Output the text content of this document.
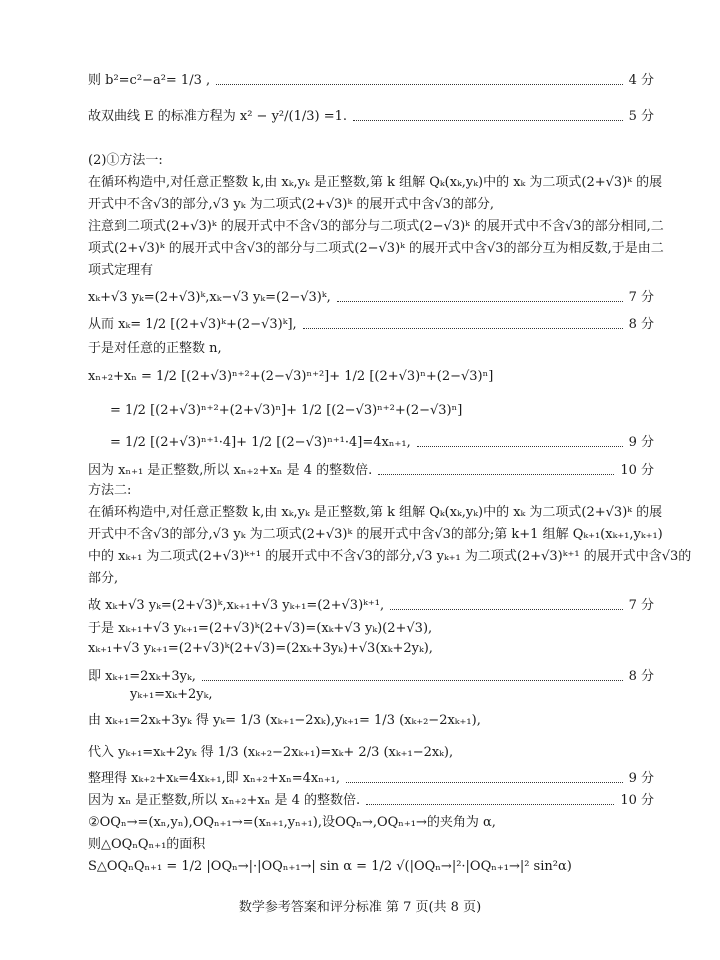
则 b²=c²−a²= 1/3 ,	4 分
故双曲线 E 的标准方程为 x² − y²/(1/3) =1.	5 分
(2)①方法一:
在循环构造中,对任意正整数 k,由 xₖ,yₖ 是正整数,第 k 组解 Qₖ(xₖ,yₖ)中的 xₖ 为二项式(2+√3)ᵏ 的展
开式中不含√3的部分,√3 yₖ 为二项式(2+√3)ᵏ 的展开式中含√3的部分,
注意到二项式(2+√3)ᵏ 的展开式中不含√3的部分与二项式(2−√3)ᵏ 的展开式中不含√3的部分相同,二
项式(2+√3)ᵏ 的展开式中含√3的部分与二项式(2−√3)ᵏ 的展开式中含√3的部分互为相反数,于是由二
项式定理有
xₖ+√3 yₖ=(2+√3)ᵏ,xₖ−√3 yₖ=(2−√3)ᵏ,	7 分
从而 xₖ= 1/2 [(2+√3)ᵏ+(2−√3)ᵏ],	8 分
于是对任意的正整数 n,
xₙ₊₂+xₙ = 1/2 [(2+√3)ⁿ⁺²+(2−√3)ⁿ⁺²]+ 1/2 [(2+√3)ⁿ+(2−√3)ⁿ]
= 1/2 [(2+√3)ⁿ⁺²+(2+√3)ⁿ]+ 1/2 [(2−√3)ⁿ⁺²+(2−√3)ⁿ]
= 1/2 [(2+√3)ⁿ⁺¹·4]+ 1/2 [(2−√3)ⁿ⁺¹·4]=4xₙ₊₁,	9 分
因为 xₙ₊₁ 是正整数,所以 xₙ₊₂+xₙ 是 4 的整数倍.	10 分
方法二:
在循环构造中,对任意正整数 k,由 xₖ,yₖ 是正整数,第 k 组解 Qₖ(xₖ,yₖ)中的 xₖ 为二项式(2+√3)ᵏ 的展
开式中不含√3的部分,√3 yₖ 为二项式(2+√3)ᵏ 的展开式中含√3的部分;第 k+1 组解 Qₖ₊₁(xₖ₊₁,yₖ₊₁)
中的 xₖ₊₁ 为二项式(2+√3)ᵏ⁺¹ 的展开式中不含√3的部分,√3 yₖ₊₁ 为二项式(2+√3)ᵏ⁺¹ 的展开式中含√3的
部分,
故 xₖ+√3 yₖ=(2+√3)ᵏ,xₖ₊₁+√3 yₖ₊₁=(2+√3)ᵏ⁺¹,	7 分
于是 xₖ₊₁+√3 yₖ₊₁=(2+√3)ᵏ(2+√3)=(xₖ+√3 yₖ)(2+√3),
xₖ₊₁+√3 yₖ₊₁=(2+√3)ᵏ(2+√3)=(2xₖ+3yₖ)+√3(xₖ+2yₖ),
即 xₖ₊₁=2xₖ+3yₖ,	8 分
yₖ₊₁=xₖ+2yₖ,
由 xₖ₊₁=2xₖ+3yₖ 得 yₖ= 1/3 (xₖ₊₁−2xₖ),yₖ₊₁= 1/3 (xₖ₊₂−2xₖ₊₁),
代入 yₖ₊₁=xₖ+2yₖ 得 1/3 (xₖ₊₂−2xₖ₊₁)=xₖ+ 2/3 (xₖ₊₁−2xₖ),
整理得 xₖ₊₂+xₖ=4xₖ₊₁,即 xₙ₊₂+xₙ=4xₙ₊₁,	9 分
因为 xₙ 是正整数,所以 xₙ₊₂+xₙ 是 4 的整数倍.	10 分
②OQₙ→=(xₙ,yₙ),OQₙ₊₁→=(xₙ₊₁,yₙ₊₁),设OQₙ→,OQₙ₊₁→的夹角为 α,
则△OQₙQₙ₊₁的面积
S△OQₙQₙ₊₁ = 1/2 |OQₙ→|·|OQₙ₊₁→| sin α = 1/2 √(|OQₙ→|²·|OQₙ₊₁→|² sin²α)
数学参考答案和评分标准 第 7 页(共 8 页)
